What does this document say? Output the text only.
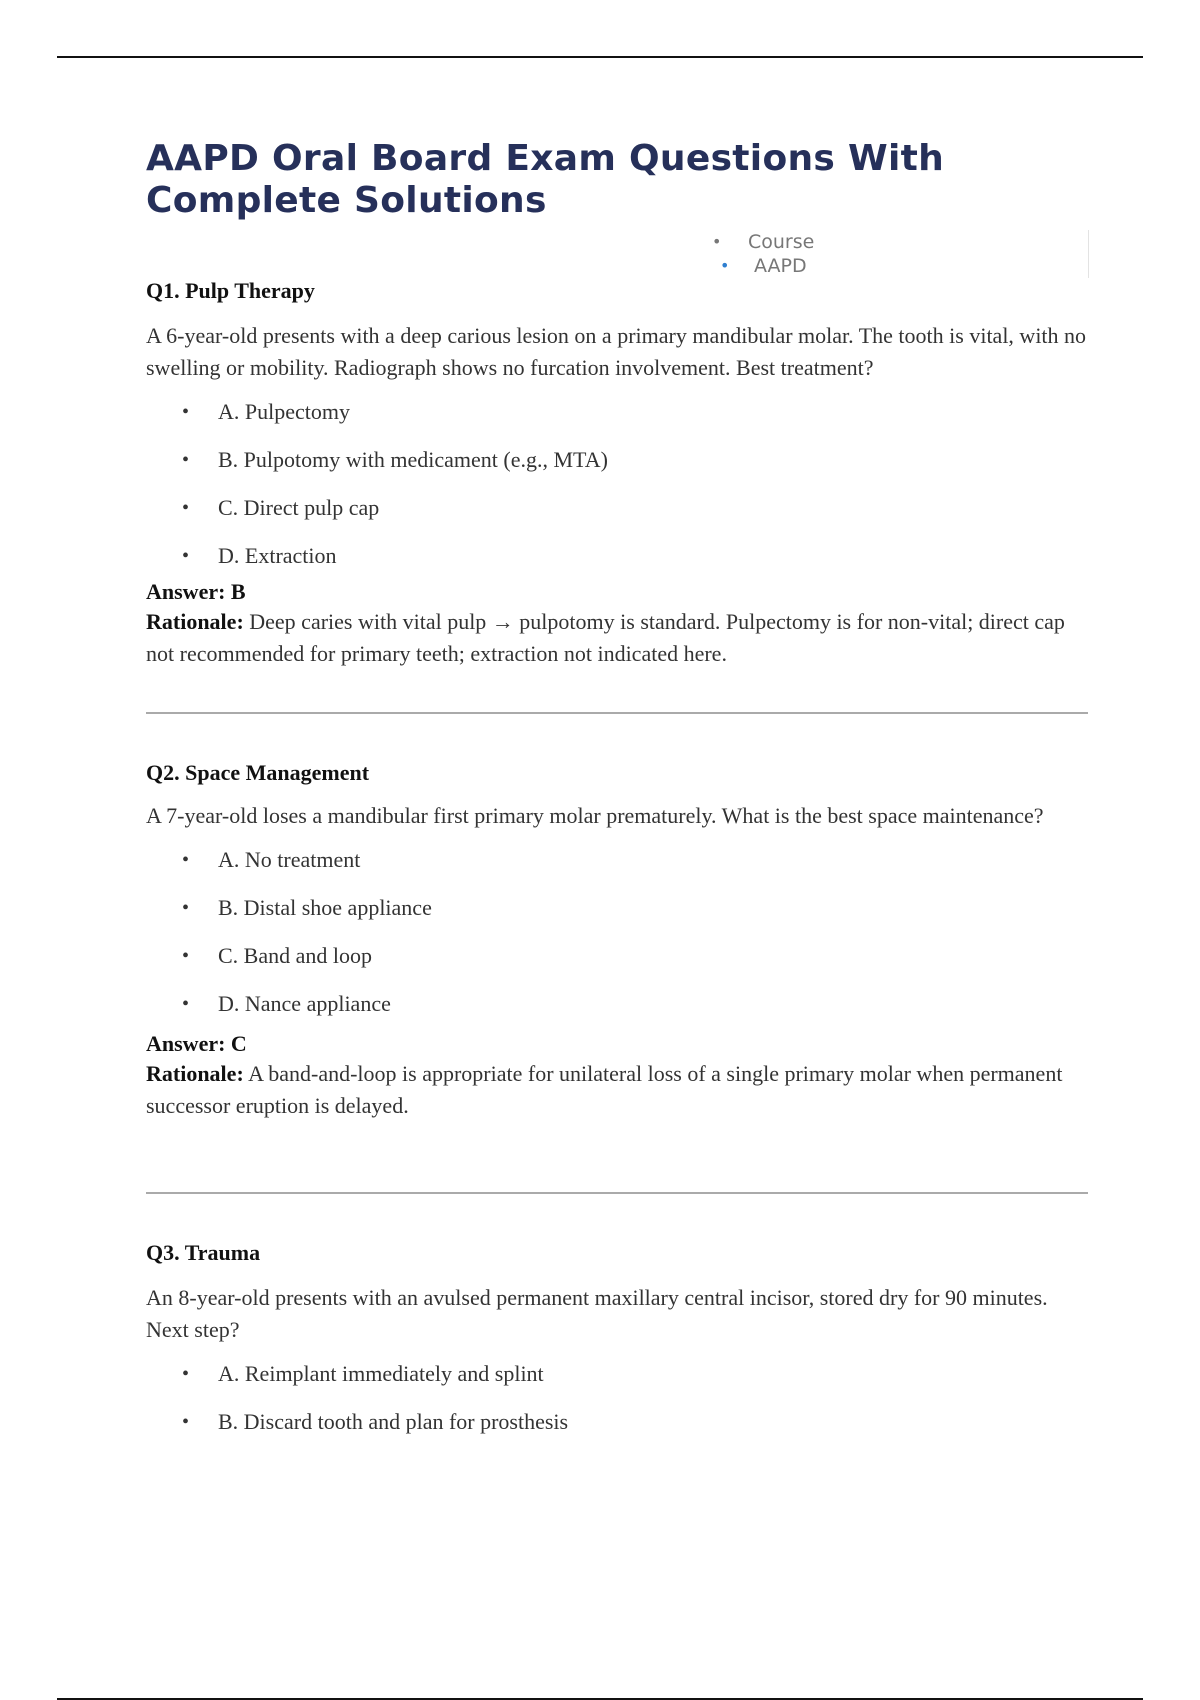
AAPD Oral Board Exam Questions With Complete Solutions
• Course
• AAPD

Q1. Pulp Therapy

A 6-year-old presents with a deep carious lesion on a primary mandibular molar. The tooth is vital, with no swelling or mobility. Radiograph shows no furcation involvement. Best treatment?

• A. Pulpectomy
• B. Pulpotomy with medicament (e.g., MTA)
• C. Direct pulp cap
• D. Extraction
Answer: B
Rationale: Deep caries with vital pulp → pulpotomy is standard. Pulpectomy is for non-vital; direct cap not recommended for primary teeth; extraction not indicated here.

Q2. Space Management

A 7-year-old loses a mandibular first primary molar prematurely. What is the best space maintenance?

• A. No treatment
• B. Distal shoe appliance
• C. Band and loop
• D. Nance appliance
Answer: C
Rationale: A band-and-loop is appropriate for unilateral loss of a single primary molar when permanent successor eruption is delayed.

Q3. Trauma

An 8-year-old presents with an avulsed permanent maxillary central incisor, stored dry for 90 minutes. Next step?

• A. Reimplant immediately and splint
• B. Discard tooth and plan for prosthesis
